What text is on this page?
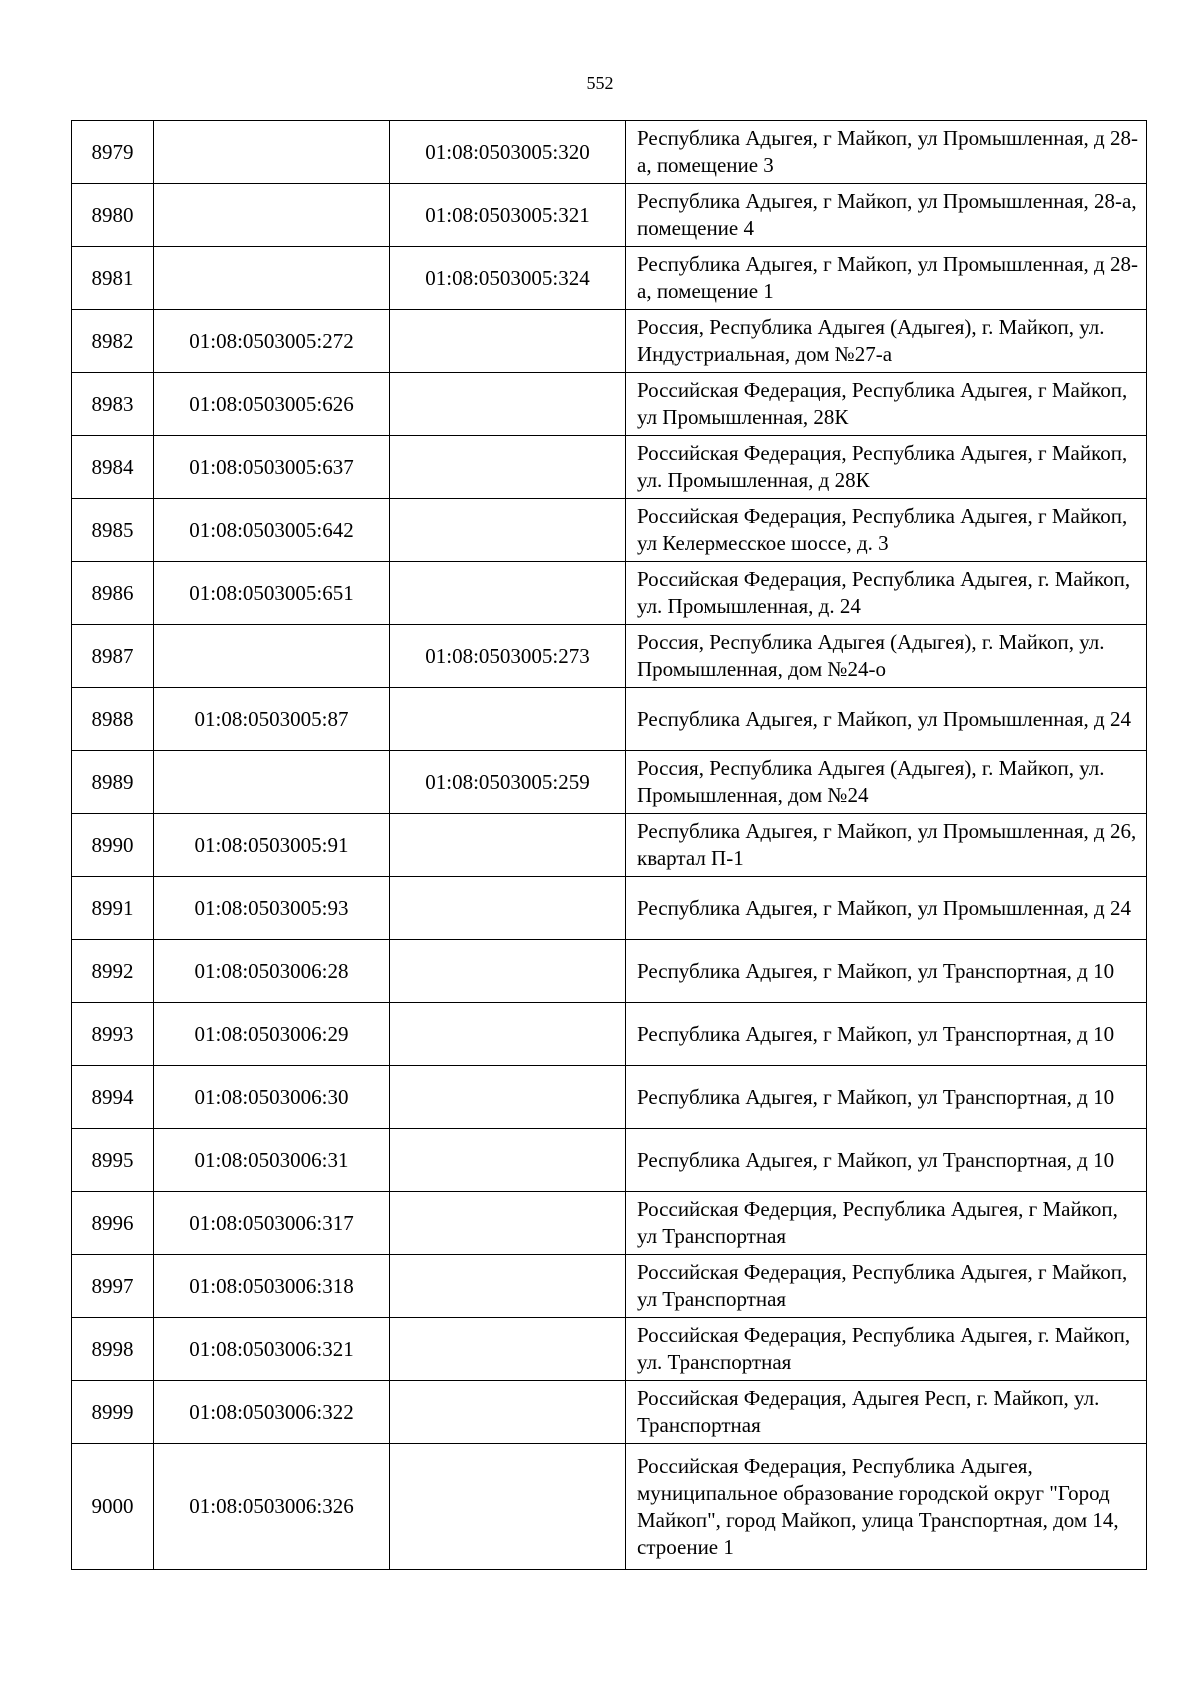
552
8979		01:08:0503005:320	Республика Адыгея, г Майкоп, ул Промышленная, д 28-а, помещение 3
8980		01:08:0503005:321	Республика Адыгея, г Майкоп, ул Промышленная, 28-а, помещение 4
8981		01:08:0503005:324	Республика Адыгея, г Майкоп, ул Промышленная, д 28-а, помещение 1
8982	01:08:0503005:272		Россия, Республика Адыгея (Адыгея), г. Майкоп, ул. Индустриальная, дом №27-а
8983	01:08:0503005:626		Российская Федерация, Республика Адыгея, г Майкоп, ул Промышленная, 28К
8984	01:08:0503005:637		Российская Федерация, Республика Адыгея, г Майкоп, ул. Промышленная, д 28К
8985	01:08:0503005:642		Российская Федерация, Республика Адыгея, г Майкоп, ул Келермесское шоссе, д. 3
8986	01:08:0503005:651		Российская Федерация, Республика Адыгея, г. Майкоп, ул. Промышленная, д. 24
8987		01:08:0503005:273	Россия, Республика Адыгея (Адыгея), г. Майкоп, ул. Промышленная, дом №24-о
8988	01:08:0503005:87		Республика Адыгея, г Майкоп, ул Промышленная, д 24
8989		01:08:0503005:259	Россия, Республика Адыгея (Адыгея), г. Майкоп, ул. Промышленная, дом №24
8990	01:08:0503005:91		Республика Адыгея, г Майкоп, ул Промышленная, д 26, квартал П-1
8991	01:08:0503005:93		Республика Адыгея, г Майкоп, ул Промышленная, д 24
8992	01:08:0503006:28		Республика Адыгея, г Майкоп, ул Транспортная, д 10
8993	01:08:0503006:29		Республика Адыгея, г Майкоп, ул Транспортная, д 10
8994	01:08:0503006:30		Республика Адыгея, г Майкоп, ул Транспортная, д 10
8995	01:08:0503006:31		Республика Адыгея, г Майкоп, ул Транспортная, д 10
8996	01:08:0503006:317		Российская Федерция, Республика Адыгея, г Майкоп, ул Транспортная
8997	01:08:0503006:318		Российская Федерация, Республика Адыгея, г Майкоп, ул Транспортная
8998	01:08:0503006:321		Российская Федерация, Республика Адыгея, г. Майкоп, ул. Транспортная
8999	01:08:0503006:322		Российская Федерация, Адыгея Респ, г. Майкоп, ул. Транспортная
9000	01:08:0503006:326		Российская Федерация, Республика Адыгея, муниципальное образование городской округ "Город Майкоп", город Майкоп, улица Транспортная, дом 14, строение 1
